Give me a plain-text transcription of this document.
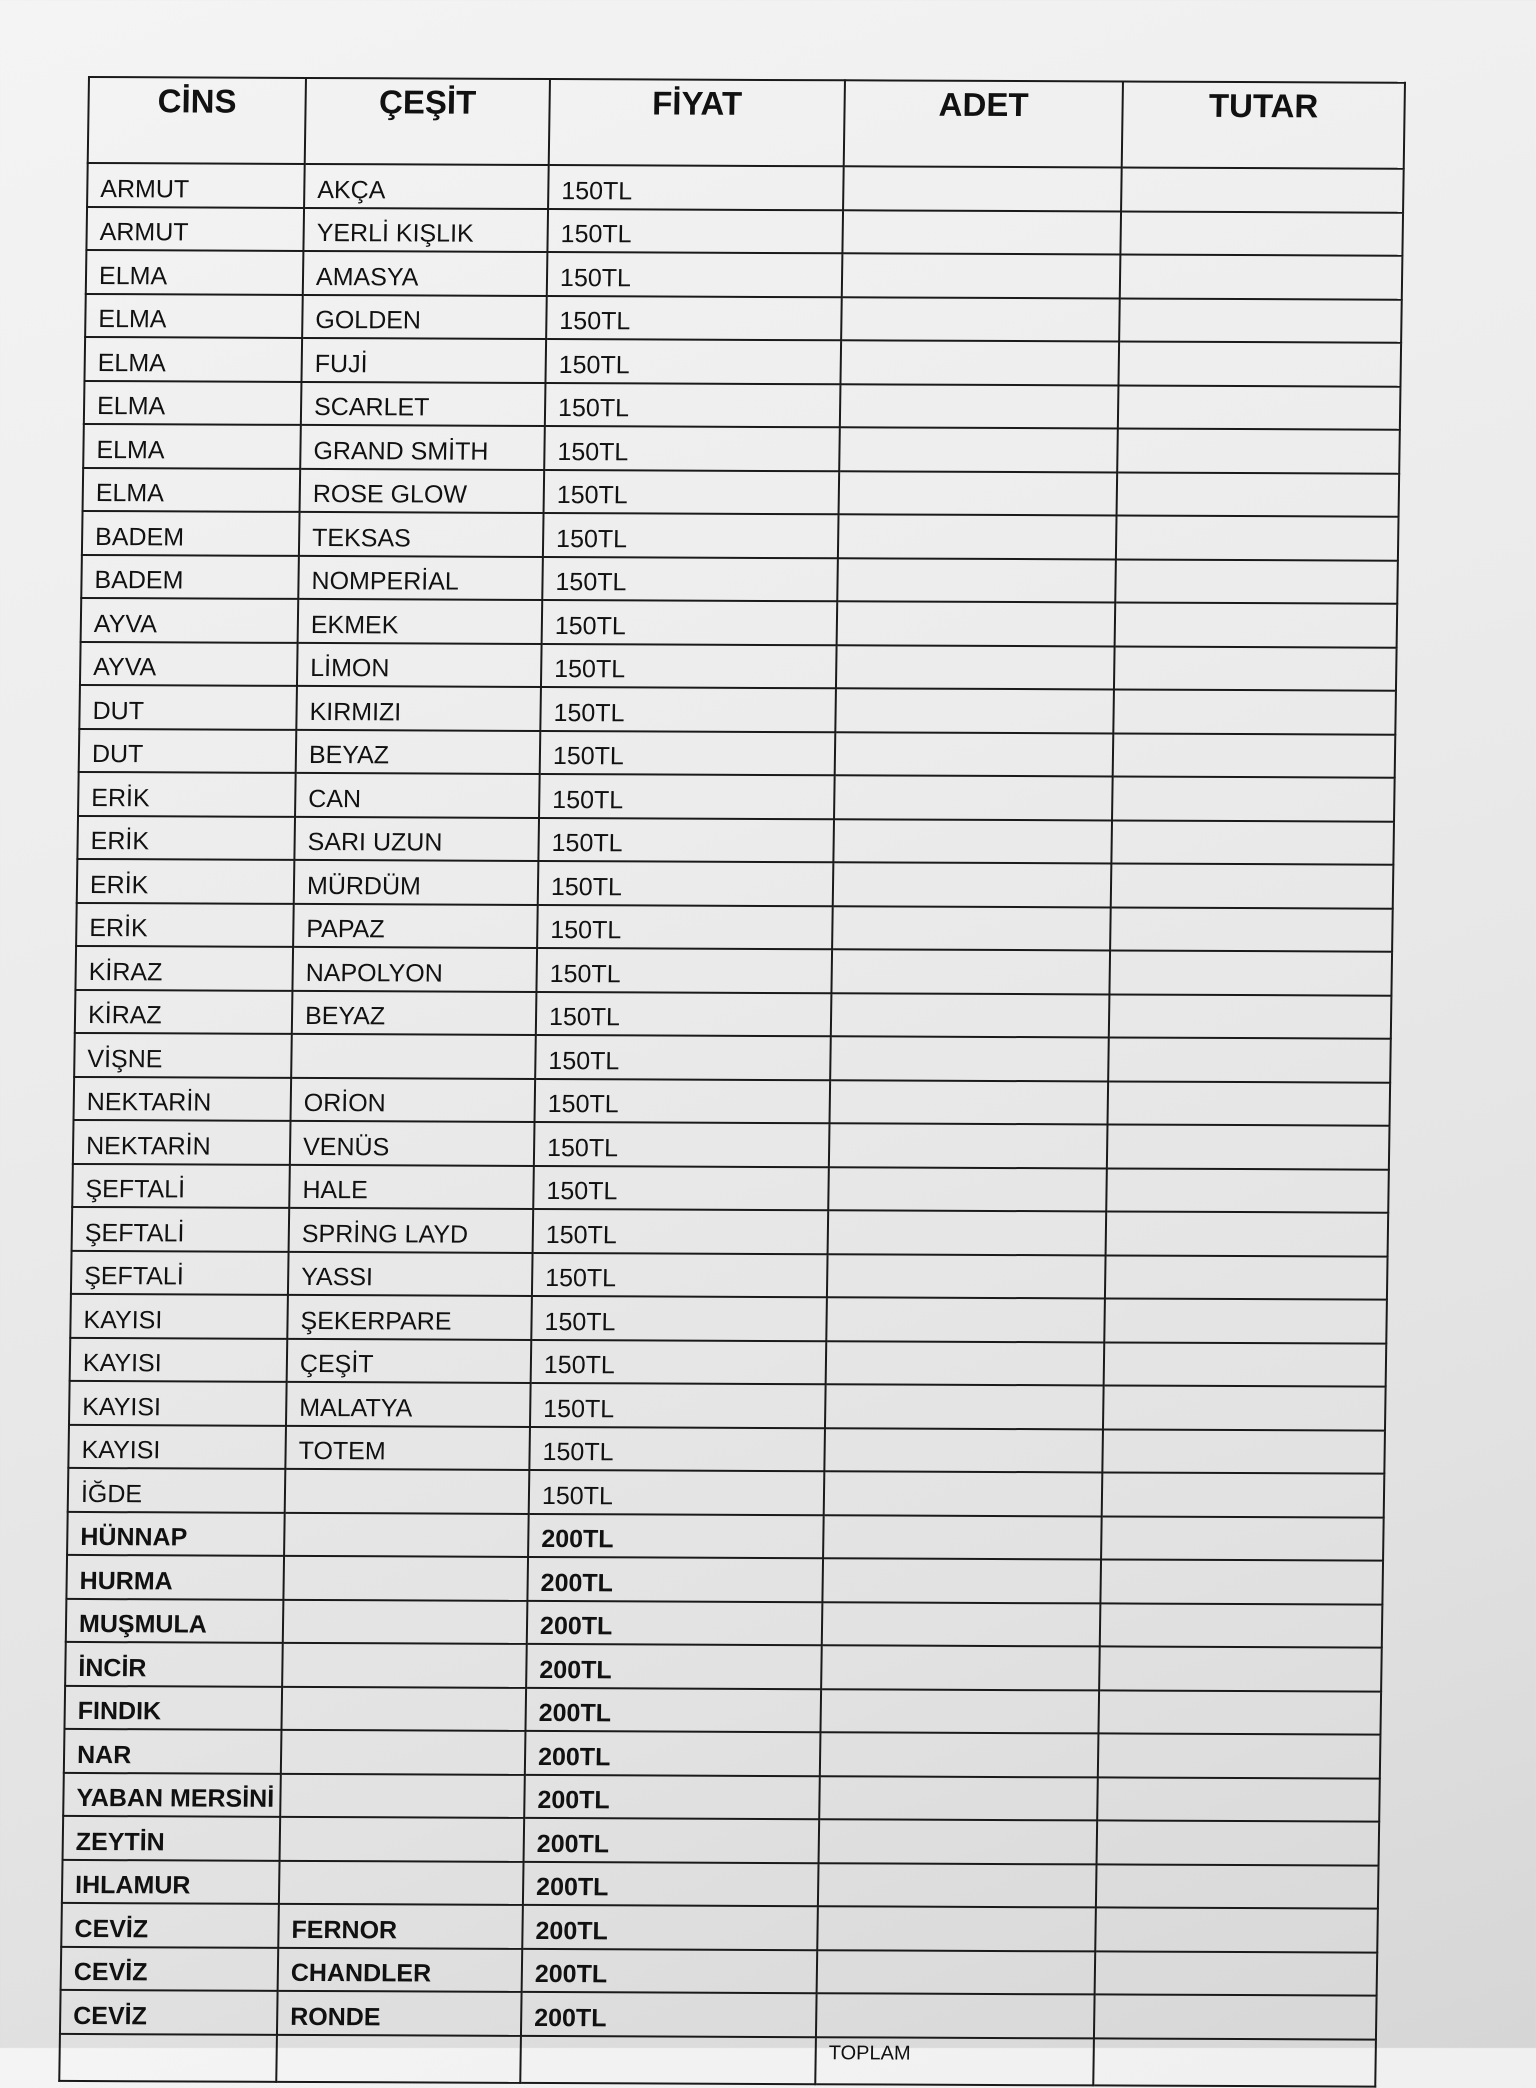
CİNS	ÇEŞİT	FİYAT	ADET	TUTAR
ARMUT	AKÇA	150TL		
ARMUT	YERLİ KIŞLIK	150TL		
ELMA	AMASYA	150TL		
ELMA	GOLDEN	150TL		
ELMA	FUJİ	150TL		
ELMA	SCARLET	150TL		
ELMA	GRAND SMİTH	150TL		
ELMA	ROSE GLOW	150TL		
BADEM	TEKSAS	150TL		
BADEM	NOMPERİAL	150TL		
AYVA	EKMEK	150TL		
AYVA	LİMON	150TL		
DUT	KIRMIZI	150TL		
DUT	BEYAZ	150TL		
ERİK	CAN	150TL		
ERİK	SARI UZUN	150TL		
ERİK	MÜRDÜM	150TL		
ERİK	PAPAZ	150TL		
KİRAZ	NAPOLYON	150TL		
KİRAZ	BEYAZ	150TL		
VİŞNE		150TL		
NEKTARİN	ORİON	150TL		
NEKTARİN	VENÜS	150TL		
ŞEFTALİ	HALE	150TL		
ŞEFTALİ	SPRİNG LAYD	150TL		
ŞEFTALİ	YASSI	150TL		
KAYISI	ŞEKERPARE	150TL		
KAYISI	ÇEŞİT	150TL		
KAYISI	MALATYA	150TL		
KAYISI	TOTEM	150TL		
İĞDE		150TL		
HÜNNAP		200TL		
HURMA		200TL		
MUŞMULA		200TL		
İNCİR		200TL		
FINDIK		200TL		
NAR		200TL		
YABAN MERSİNİ		200TL		
ZEYTİN		200TL		
IHLAMUR		200TL		
CEVİZ	FERNOR	200TL		
CEVİZ	CHANDLER	200TL		
CEVİZ	RONDE	200TL		
			TOPLAM	
